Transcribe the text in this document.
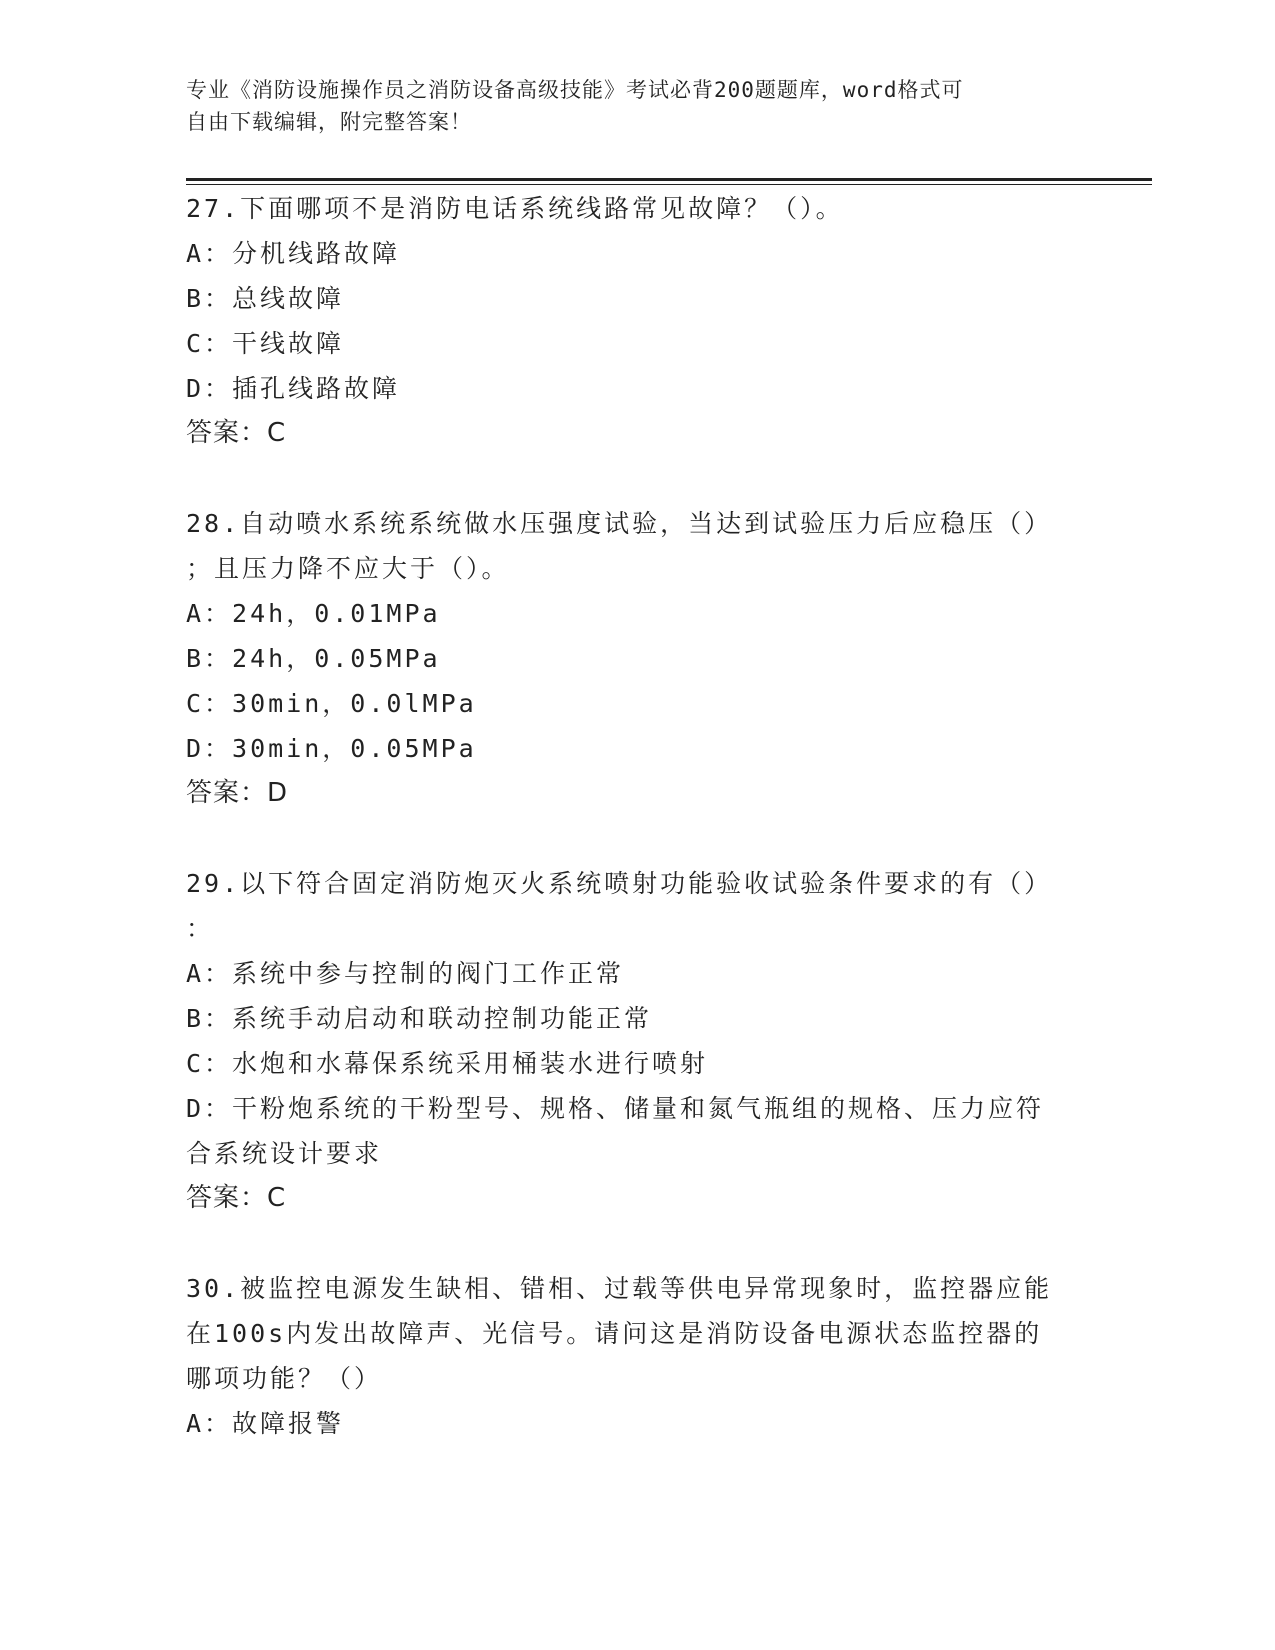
专业《消防设施操作员之消防设备高级技能》考试必背200题题库，word格式可
自由下载编辑，附完整答案！
27.下面哪项不是消防电话系统线路常见故障？（）。
A：分机线路故障
B：总线故障
C：干线故障
D：插孔线路故障
答案：C
28.自动喷水系统系统做水压强度试验，当达到试验压力后应稳压（）
；且压力降不应大于（）。
A：24h，0.01MPa
B：24h，0.05MPa
C：30min，0.0lMPa
D：30min，0.05MPa
答案：D
29.以下符合固定消防炮灭火系统喷射功能验收试验条件要求的有（）
：
A：系统中参与控制的阀门工作正常
B：系统手动启动和联动控制功能正常
C：水炮和水幕保系统采用桶装水进行喷射
D：干粉炮系统的干粉型号、规格、储量和氮气瓶组的规格、压力应符
合系统设计要求
答案：C
30.被监控电源发生缺相、错相、过载等供电异常现象时，监控器应能
在100s内发出故障声、光信号。请问这是消防设备电源状态监控器的
哪项功能？（）
A：故障报警
